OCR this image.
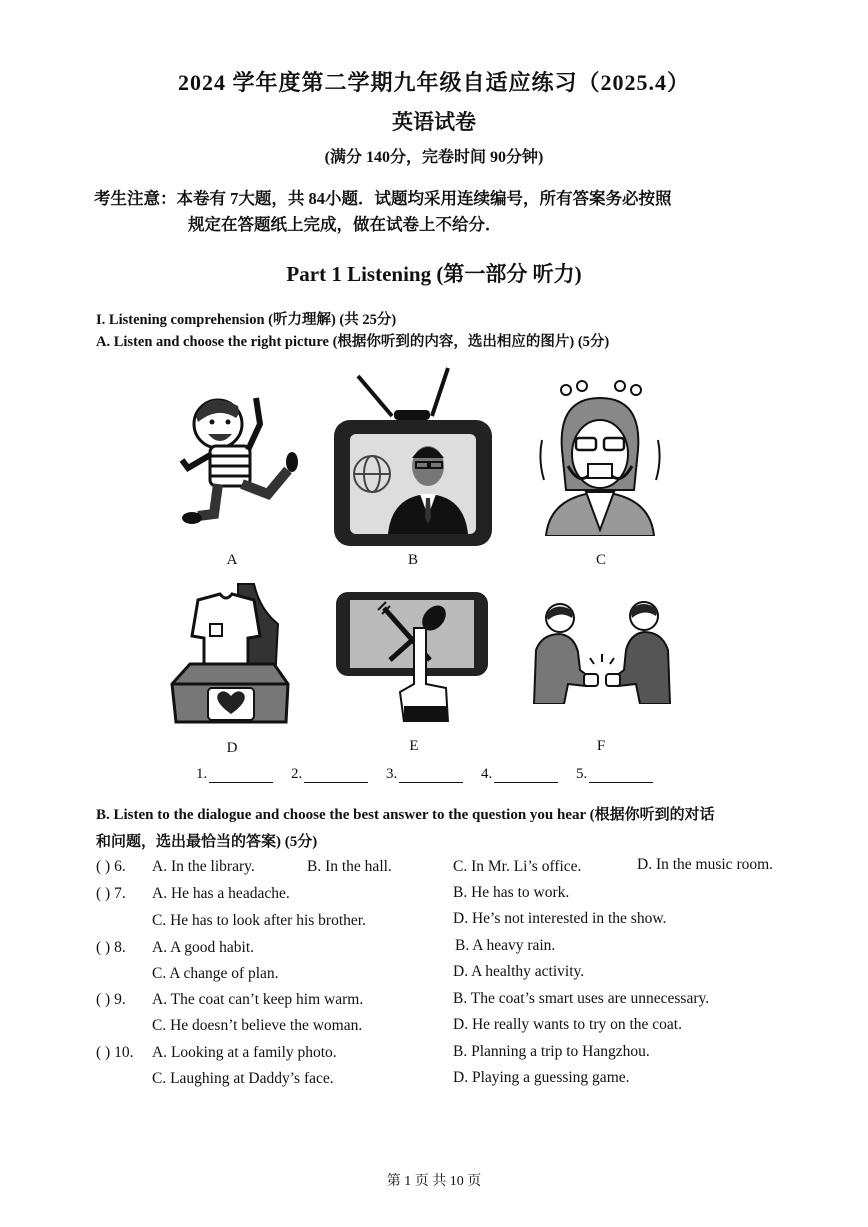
2024 学年度第二学期九年级自适应练习（2025.4）
英语试卷
(满分 140分，完卷时间 90分钟)
考生注意：本卷有 7大题，共 84小题．试题均采用连续编号，所有答案务必按照
规定在答题纸上完成，做在试卷上不给分．
Part 1 Listening (第一部分 听力)
I. Listening comprehension (听力理解) (共 25分)
A. Listen and choose the right picture (根据你听到的内容，选出相应的图片) (5分)
A	B	C
D	E	F
1.	2.	3.	4.	5.
B. Listen to the dialogue and choose the best answer to the question you hear (根据你听到的对话
和问题，选出最恰当的答案) (5分)
( ) 6. A. In the library.	B. In the hall.	C. In Mr. Li’s office.	D. In the music room.
( ) 7. A. He has a headache.	B. He has to work.
C. He has to look after his brother.	D. He’s not interested in the show.
( ) 8. A. A good habit.	B. A heavy rain.
C. A change of plan.	D. A healthy activity.
( ) 9. A. The coat can’t keep him warm.	B. The coat’s smart uses are unnecessary.
C. He doesn’t believe the woman.	D. He really wants to try on the coat.
( ) 10. A. Looking at a family photo.	B. Planning a trip to Hangzhou.
C. Laughing at Daddy’s face.	D. Playing a guessing game.
第 1 页 共 10 页
